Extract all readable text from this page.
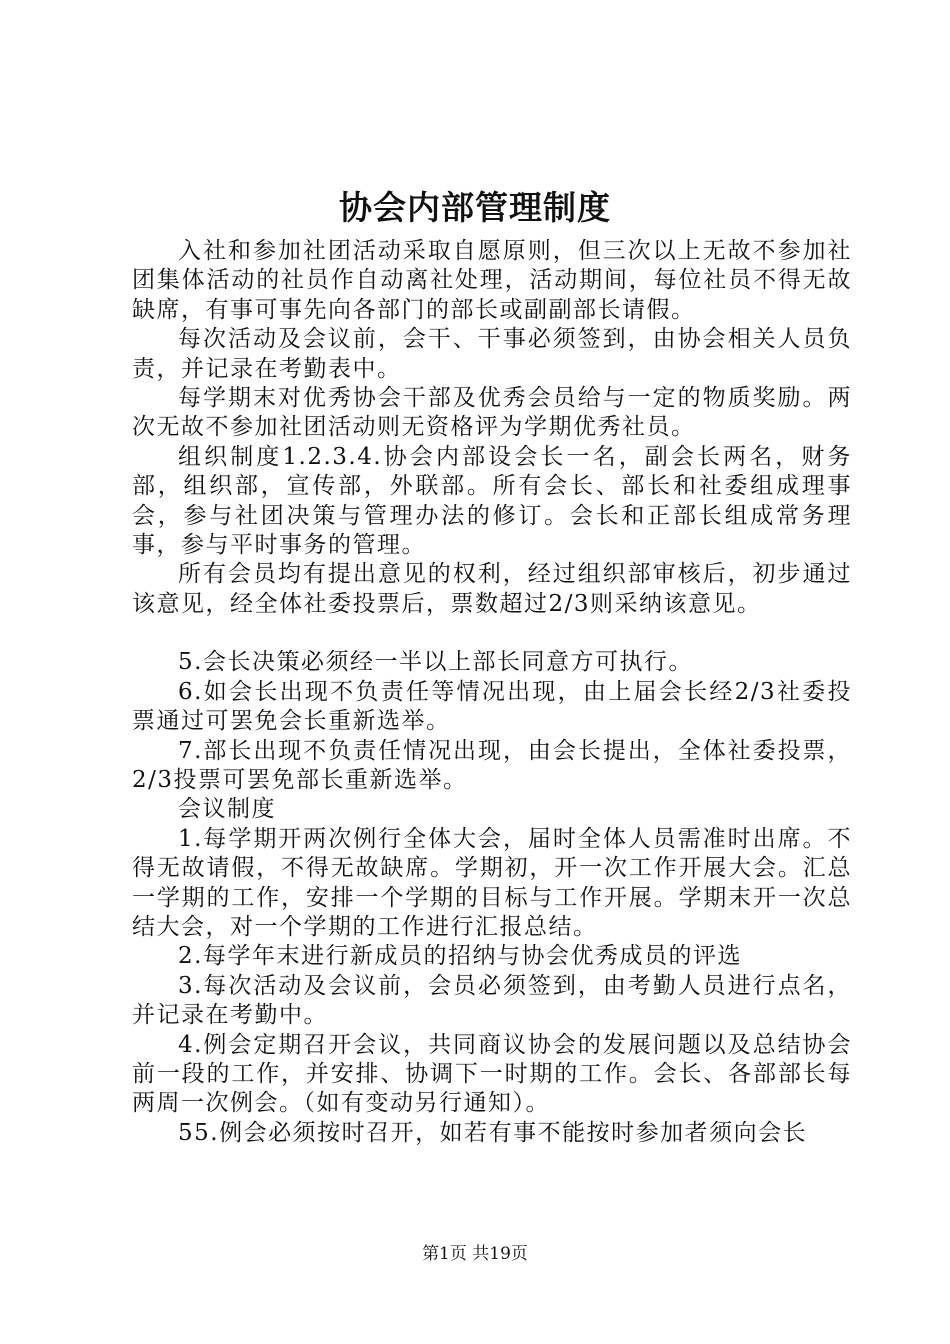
协会内部管理制度

入社和参加社团活动采取自愿原则，但三次以上无故不参加社团集体活动的社员作自动离社处理，活动期间，每位社员不得无故缺席，有事可事先向各部门的部长或副副部长请假。

每次活动及会议前，会干、干事必须签到，由协会相关人员负责，并记录在考勤表中。

每学期末对优秀协会干部及优秀会员给与一定的物质奖励。两次无故不参加社团活动则无资格评为学期优秀社员。

组织制度1.2.3.4.协会内部设会长一名，副会长两名，财务部，组织部，宣传部，外联部。所有会长、部长和社委组成理事会，参与社团决策与管理办法的修订。会长和正部长组成常务理事，参与平时事务的管理。

所有会员均有提出意见的权利，经过组织部审核后，初步通过该意见，经全体社委投票后，票数超过2/3则采纳该意见。

5.会长决策必须经一半以上部长同意方可执行。

6.如会长出现不负责任等情况出现，由上届会长经2/3社委投票通过可罢免会长重新选举。

7.部长出现不负责任情况出现，由会长提出，全体社委投票，2/3投票可罢免部长重新选举。

会议制度

1.每学期开两次例行全体大会，届时全体人员需准时出席。不得无故请假，不得无故缺席。学期初，开一次工作开展大会。汇总一学期的工作，安排一个学期的目标与工作开展。学期末开一次总结大会，对一个学期的工作进行汇报总结。

2.每学年末进行新成员的招纳与协会优秀成员的评选

3.每次活动及会议前，会员必须签到，由考勤人员进行点名，并记录在考勤中。

4.例会定期召开会议，共同商议协会的发展问题以及总结协会前一段的工作，并安排、协调下一时期的工作。会长、各部部长每两周一次例会。（如有变动另行通知）。

55.例会必须按时召开，如若有事不能按时参加者须向会长

第1页 共19页
